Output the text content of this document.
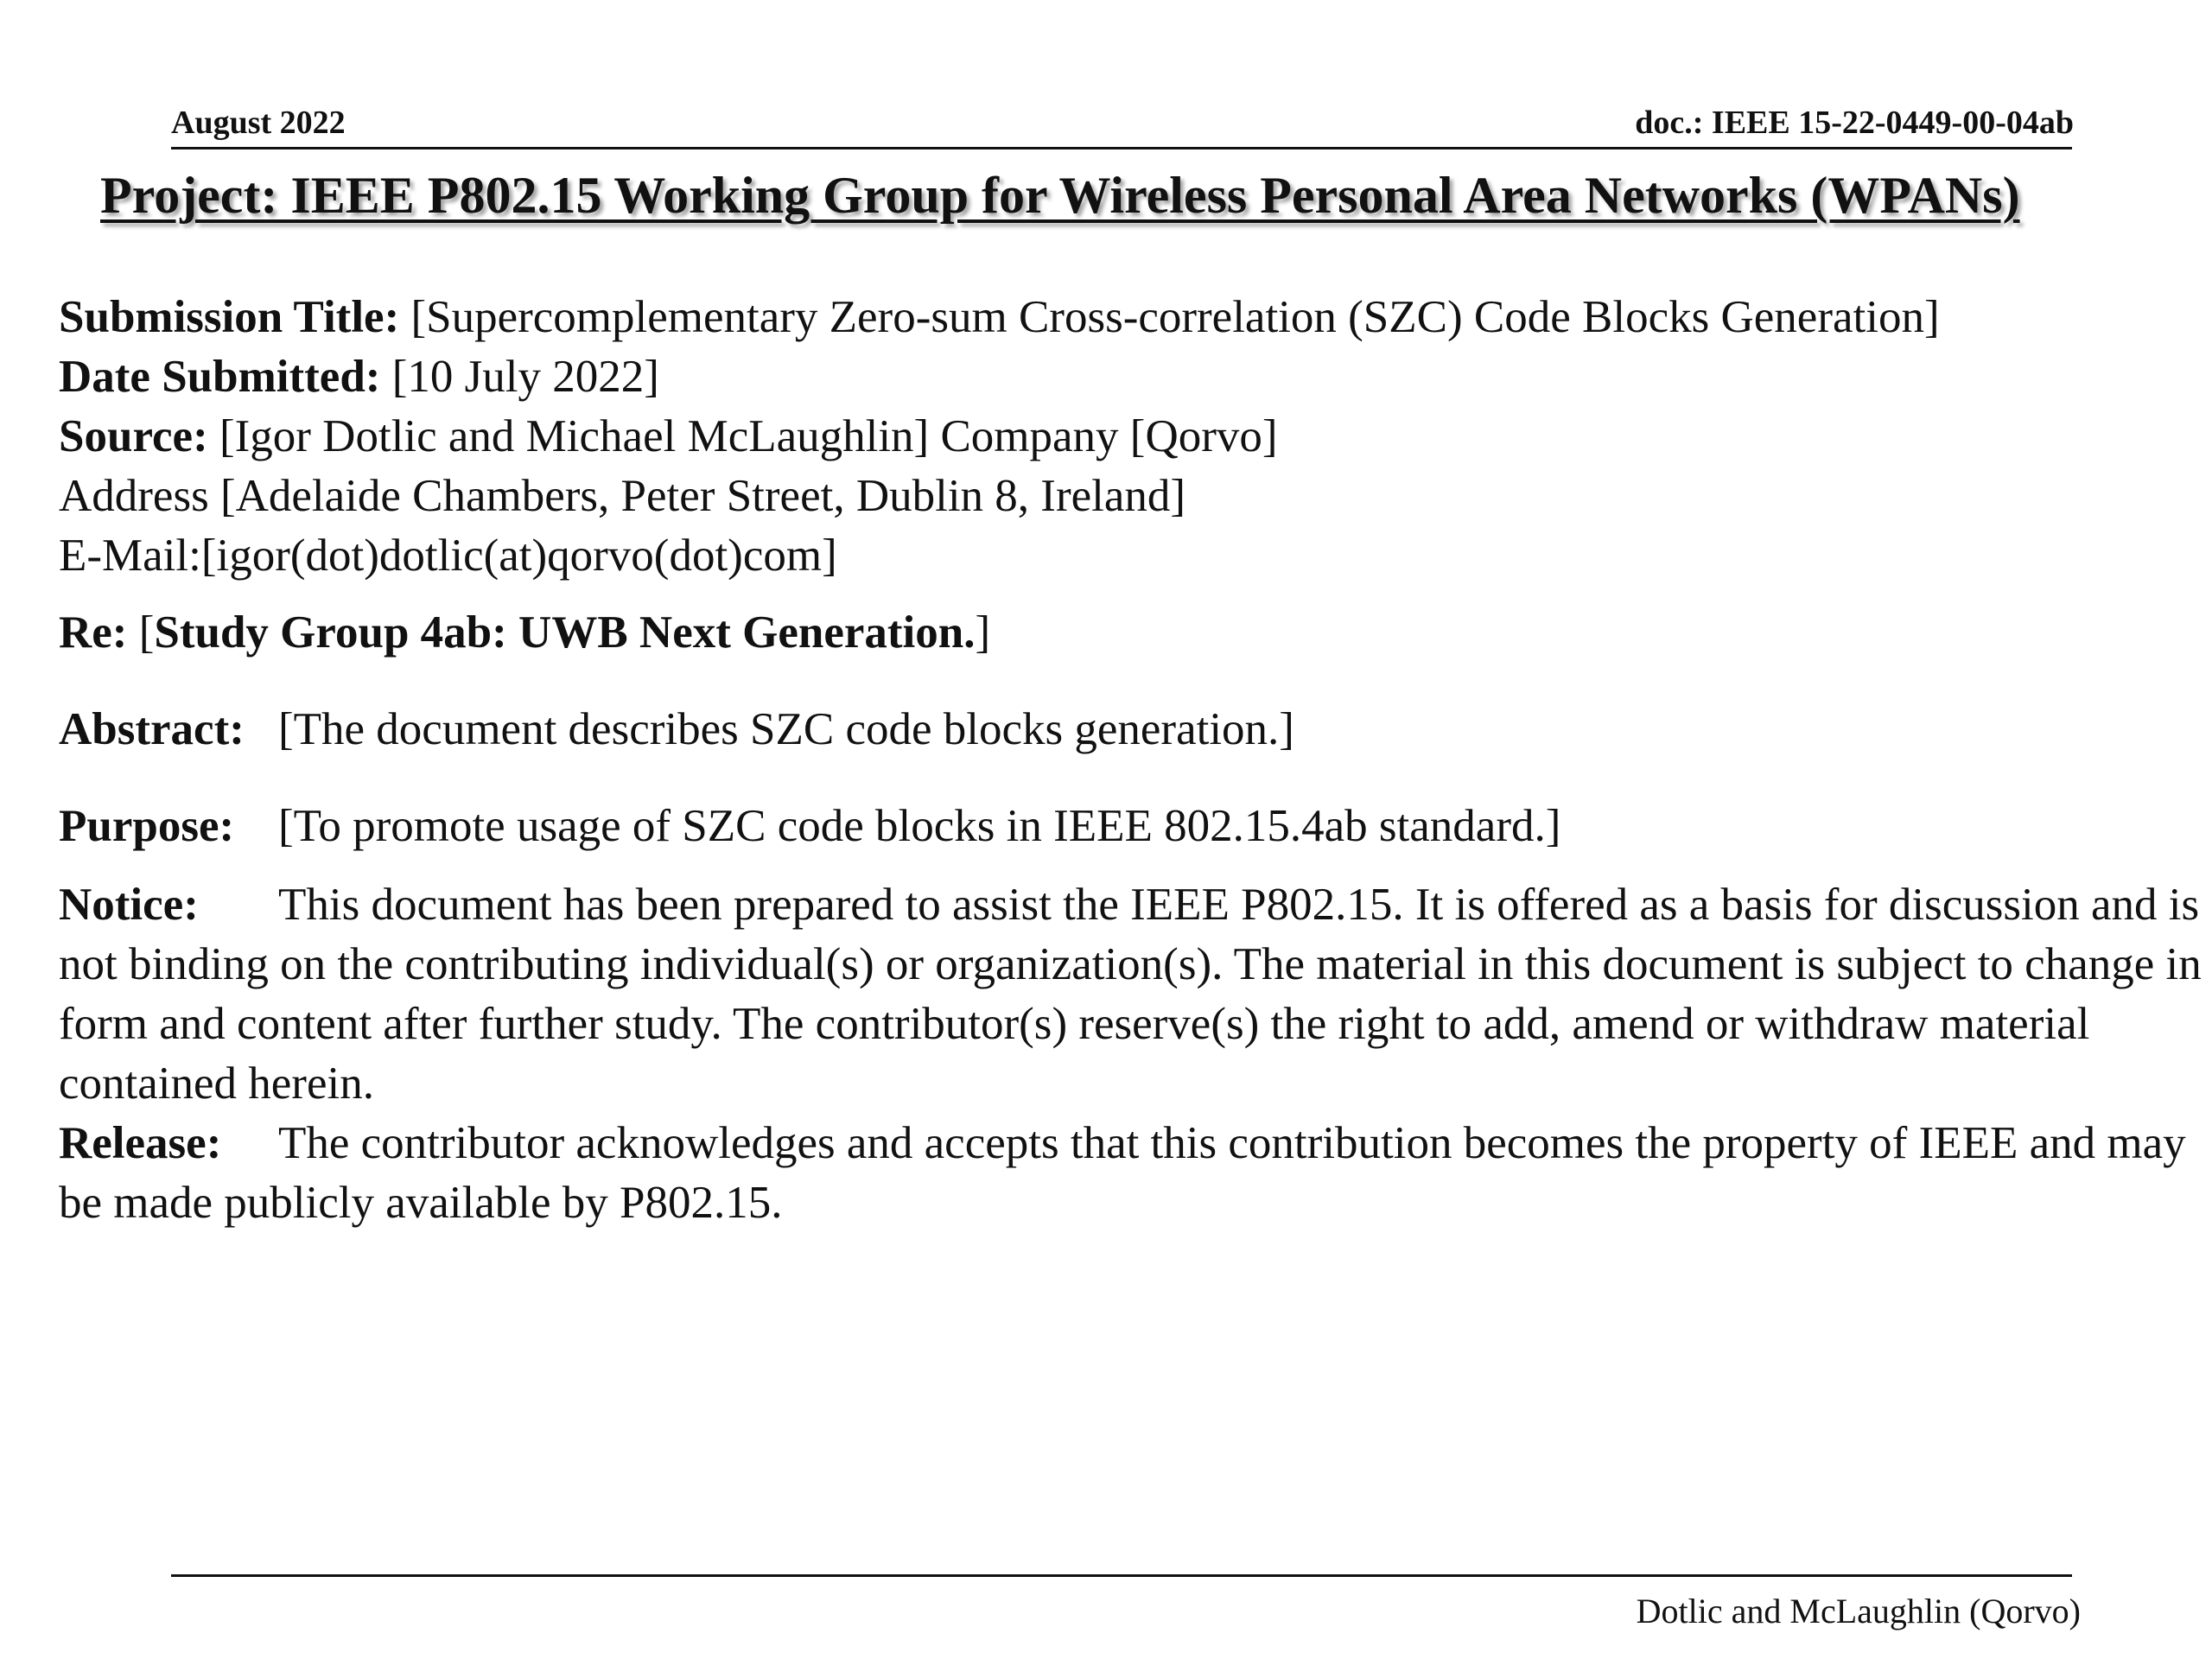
August 2022	doc.: IEEE 15-22-0449-00-04ab
Project: IEEE P802.15 Working Group for Wireless Personal Area Networks (WPANs)
Submission Title: [Supercomplementary Zero-sum Cross-correlation (SZC) Code Blocks Generation]
Date Submitted: [10 July 2022]
Source: [Igor Dotlic and Michael McLaughlin] Company [Qorvo]
Address [Adelaide Chambers, Peter Street, Dublin 8, Ireland]
E-Mail:[igor(dot)dotlic(at)qorvo(dot)com]
Re: [Study Group 4ab: UWB Next Generation.]
Abstract: [The document describes SZC code blocks generation.]
Purpose: [To promote usage of SZC code blocks in IEEE 802.15.4ab standard.]
Notice: This document has been prepared to assist the IEEE P802.15. It is offered as a basis for discussion and is not binding on the contributing individual(s) or organization(s). The material in this document is subject to change in form and content after further study. The contributor(s) reserve(s) the right to add, amend or withdraw material contained herein.
Release: The contributor acknowledges and accepts that this contribution becomes the property of IEEE and may be made publicly available by P802.15.
Dotlic and McLaughlin (Qorvo)
